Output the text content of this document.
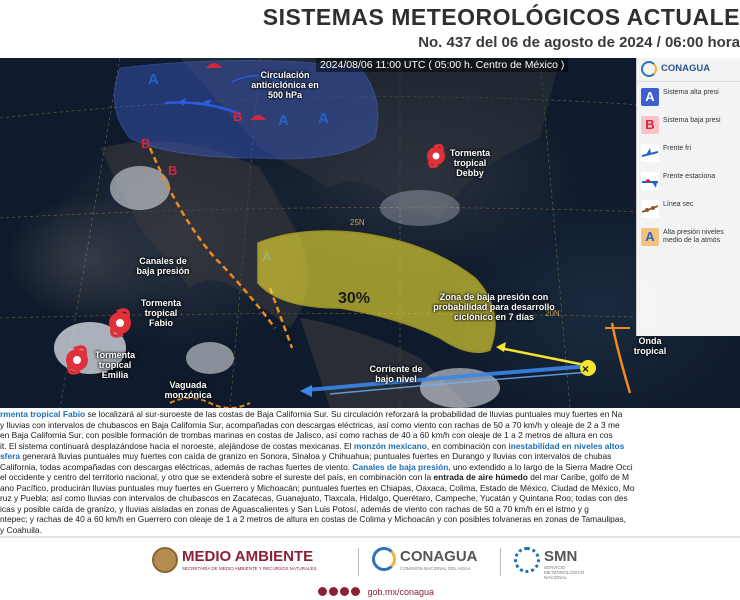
SISTEMAS METEOROLÓGICOS ACTUALE
No. 437 del 06 de agosto de 2024 / 06:00 hora
A
A A
B
B
B
×
25N
20N
2024/08/06 11:00 UTC ( 05:00 h. Centro de México )
Circulación anticiclónica en 500 hPa
Tormenta tropical Debby
Canales de baja presión
Tormenta tropical Fabio
Tormenta tropical Emilia
Vaguada monzónica
Corriente de bajo nivel
Zona de baja presión con probabilidad para desarrollo ciclónico en 7 días
Onda tropical
30%
CONAGUA
A	Sistema alta presi
B	Sistema baja presi
Frente fri
Frente estaciona
Línea sec
A	Alta presión niveles medio de la atmós

rmenta tropical Fabio se localizará al sur-suroeste de las costas de Baja California Sur. Su circulación reforzará la probabilidad de lluvias puntuales muy fuertes en Na

y lluvias con intervalos de chubascos en Baja California Sur, acompañadas con descargas eléctricas, así como viento con rachas de 50 a 70 km/h y oleaje de 2 a 3 me

en Baja California Sur, con posible formación de trombas marinas en costas de Jalisco, así como rachas de 40 a 60 km/h con oleaje de 1 a 2 metros de altura en cos

it. El sistema continuará desplazándose hacia el noroeste, alejándose de costas mexicanas. El monzón mexicano, en combinación con inestabilidad en niveles altos

sfera generará lluvias puntuales muy fuertes con caída de granizo en Sonora, Sinaloa y Chihuahua; puntuales fuertes en Durango y lluvias con intervalos de chubas

California, todas acompañadas con descargas eléctricas, además de rachas fuertes de viento. Canales de baja presión, uno extendido a lo largo de la Sierra Madre Occi

el occidente y centro del territorio nacional, y otro que se extenderá sobre el sureste del país, en combinación con la entrada de aire húmedo del mar Caribe, golfo de M

ano Pacífico, producirán lluvias puntuales muy fuertes en Guerrero y Michoacán; puntuales fuertes en Chiapas, Oaxaca, Colima, Estado de México, Ciudad de México, Mo

ruz y Puebla; así como lluvias con intervalos de chubascos en Zacatecas, Guanajuato, Tlaxcala, Hidalgo, Querétaro, Campeche, Yucatán y Quintana Roo; todas con des

icas y posible caída de granizo, y lluvias aisladas en zonas de Aguascalientes y San Luis Potosí, además de viento con rachas de 50 a 70 km/h en el istmo y g

ntepec; y rachas de 40 a 60 km/h en Guerrero con oleaje de 1 a 2 metros de altura en costas de Colima y Michoacán y con posibles tolvaneras en zonas de Tamaulipas,

y Coahuila.

MEDIO AMBIENTE
SECRETARÍA DE MEDIO AMBIENTE Y RECURSOS NATURALES
CONAGUA
COMISIÓN NACIONAL DEL AGUA
SMN
SERVICIO
METEOROLÓGICO
NACIONAL
gob.mx/conagua
